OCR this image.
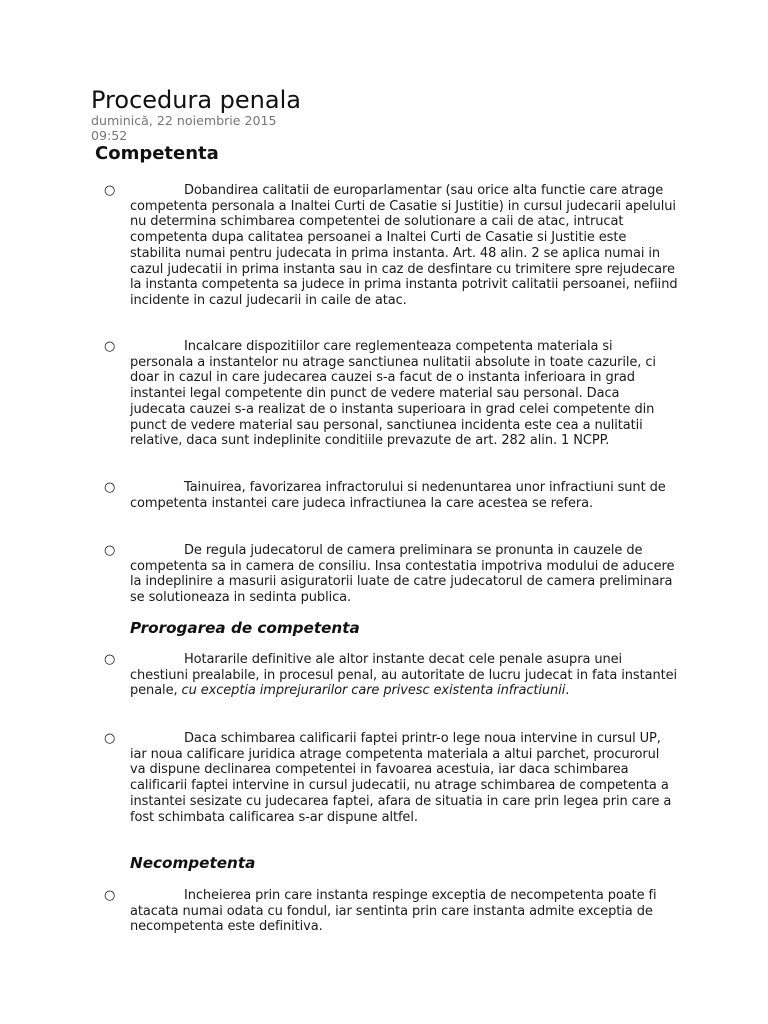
Procedura penala
duminică, 22 noiembrie 2015
09:52
Competenta
○	Dobandirea calitatii de europarlamentar (sau orice alta functie care atrage competenta personala a Inaltei Curti de Casatie si Justitie) in cursul judecarii apelului nu determina schimbarea competentei de solutionare a caii de atac, intrucat competenta dupa calitatea persoanei a Inaltei Curti de Casatie si Justitie este stabilita numai pentru judecata in prima instanta. Art. 48 alin. 2 se aplica numai in cazul judecatii in prima instanta sau in caz de desfintare cu trimitere spre rejudecare la instanta competenta sa judece in prima instanta potrivit calitatii persoanei, nefiind incidente in cazul judecarii in caile de atac.

○	Incalcare dispozitiilor care reglementeaza competenta materiala si personala a instantelor nu atrage sanctiunea nulitatii absolute in toate cazurile, ci doar in cazul in care judecarea cauzei s-a facut de o instanta inferioara in grad instantei legal competente din punct de vedere material sau personal. Daca judecata cauzei s-a realizat de o instanta superioara in grad celei competente din punct de vedere material sau personal, sanctiunea incidenta este cea a nulitatii relative, daca sunt indeplinite conditiile prevazute de art. 282 alin. 1 NCPP.

○	Tainuirea, favorizarea infractorului si nedenuntarea unor infractiuni sunt de competenta instantei care judeca infractiunea la care acestea se refera.

○	De regula judecatorul de camera preliminara se pronunta in cauzele de competenta sa in camera de consiliu. Insa contestatia impotriva modului de aducere la indeplinire a masurii asiguratorii luate de catre judecatorul de camera preliminara se solutioneaza in sedinta publica.

Prorogarea de competenta
○	Hotararile definitive ale altor instante decat cele penale asupra unei chestiuni prealabile, in procesul penal, au autoritate de lucru judecat in fata instantei penale, cu exceptia imprejurarilor care privesc existenta infractiunii.

○	Daca schimbarea calificarii faptei printr-o lege noua intervine in cursul UP, iar noua calificare juridica atrage competenta materiala a altui parchet, procurorul va dispune declinarea competentei in favoarea acestuia, iar daca schimbarea calificarii faptei intervine in cursul judecatii, nu atrage schimbarea de competenta a instantei sesizate cu judecarea faptei, afara de situatia in care prin legea prin care a fost schimbata calificarea s-ar dispune altfel.

Necompetenta
○	Incheierea prin care instanta respinge exceptia de necompetenta poate fi atacata numai odata cu fondul, iar sentinta prin care instanta admite exceptia de necompetenta este definitiva.
